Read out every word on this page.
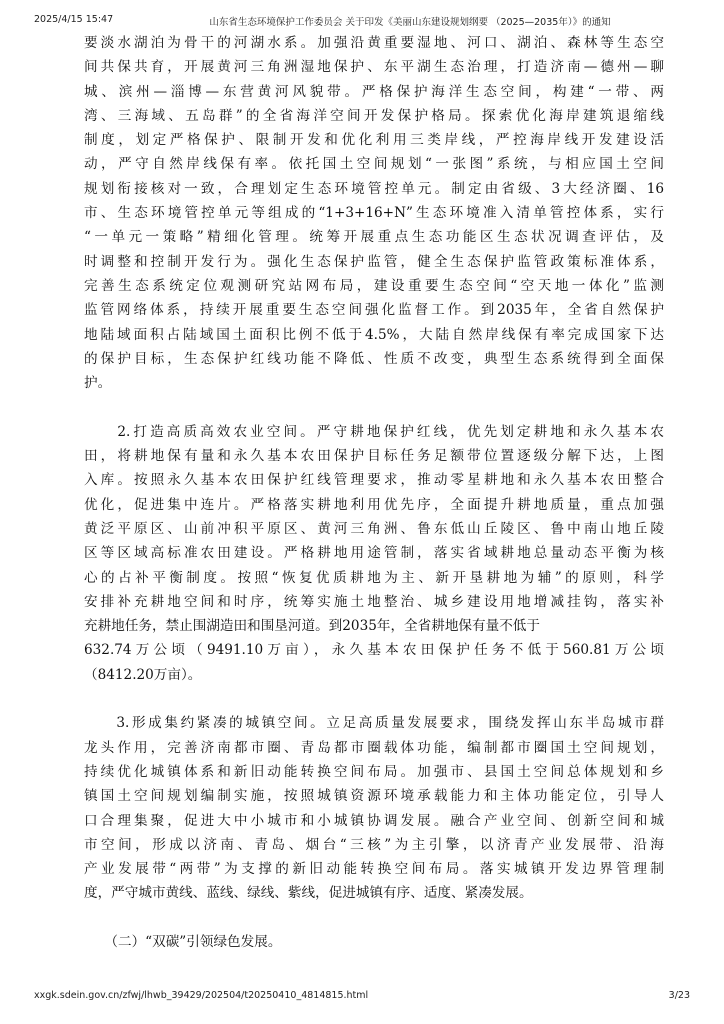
2025/4/15 15:47	山东省生态环境保护工作委员会 关于印发《美丽山东建设规划纲要 （2025—2035年）》的通知
要淡水湖泊为骨干的河湖水系。加强沿黄重要湿地、河口、湖泊、森林等生态空
间共保共育，开展黄河三角洲湿地保护、东平湖生态治理，打造济南—德州—聊
城、滨州—淄博—东营黄河风貌带。严格保护海洋生态空间，构建“一带、两
湾、三海域、五岛群”的全省海洋空间开发保护格局。探索优化海岸建筑退缩线
制度，划定严格保护、限制开发和优化利用三类岸线，严控海岸线开发建设活
动，严守自然岸线保有率。依托国土空间规划“一张图”系统，与相应国土空间
规划衔接核对一致，合理划定生态环境管控单元。制定由省级、3大经济圈、16
市、生态环境管控单元等组成的“1+3+16+N”生态环境准入清单管控体系，实行
“一单元一策略”精细化管理。统筹开展重点生态功能区生态状况调查评估，及
时调整和控制开发行为。强化生态保护监管，健全生态保护监管政策标准体系，
完善生态系统定位观测研究站网布局，建设重要生态空间“空天地一体化”监测
监管网络体系，持续开展重要生态空间强化监督工作。到2035年，全省自然保护
地陆域面积占陆域国土面积比例不低于4.5%，大陆自然岸线保有率完成国家下达
的保护目标，生态保护红线功能不降低、性质不改变，典型生态系统得到全面保
护。
　　2.打造高质高效农业空间。严守耕地保护红线，优先划定耕地和永久基本农
田，将耕地保有量和永久基本农田保护目标任务足额带位置逐级分解下达，上图
入库。按照永久基本农田保护红线管理要求，推动零星耕地和永久基本农田整合
优化，促进集中连片。严格落实耕地利用优先序，全面提升耕地质量，重点加强
黄泛平原区、山前冲积平原区、黄河三角洲、鲁东低山丘陵区、鲁中南山地丘陵
区等区域高标准农田建设。严格耕地用途管制，落实省域耕地总量动态平衡为核
心的占补平衡制度。按照“恢复优质耕地为主、新开垦耕地为辅”的原则，科学
安排补充耕地空间和时序，统筹实施土地整治、城乡建设用地增减挂钩，落实补
充耕地任务，禁止围湖造田和围垦河道。到2035年，全省耕地保有量不低于
632.74万公顷（9491.10万亩），永久基本农田保护任务不低于560.81万公顷
（8412.20万亩）。
　　3.形成集约紧凑的城镇空间。立足高质量发展要求，围绕发挥山东半岛城市群
龙头作用，完善济南都市圈、青岛都市圈载体功能，编制都市圈国土空间规划，
持续优化城镇体系和新旧动能转换空间布局。加强市、县国土空间总体规划和乡
镇国土空间规划编制实施，按照城镇资源环境承载能力和主体功能定位，引导人
口合理集聚，促进大中小城市和小城镇协调发展。融合产业空间、创新空间和城
市空间，形成以济南、青岛、烟台“三核”为主引擎，以济青产业发展带、沿海
产业发展带“两带”为支撑的新旧动能转换空间布局。落实城镇开发边界管理制
度，严守城市黄线、蓝线、绿线、紫线，促进城镇有序、适度、紧凑发展。
　　（二）“双碳”引领绿色发展。
xxgk.sdein.gov.cn/zfwj/lhwb_39429/202504/t20250410_4814815.html	3/23
